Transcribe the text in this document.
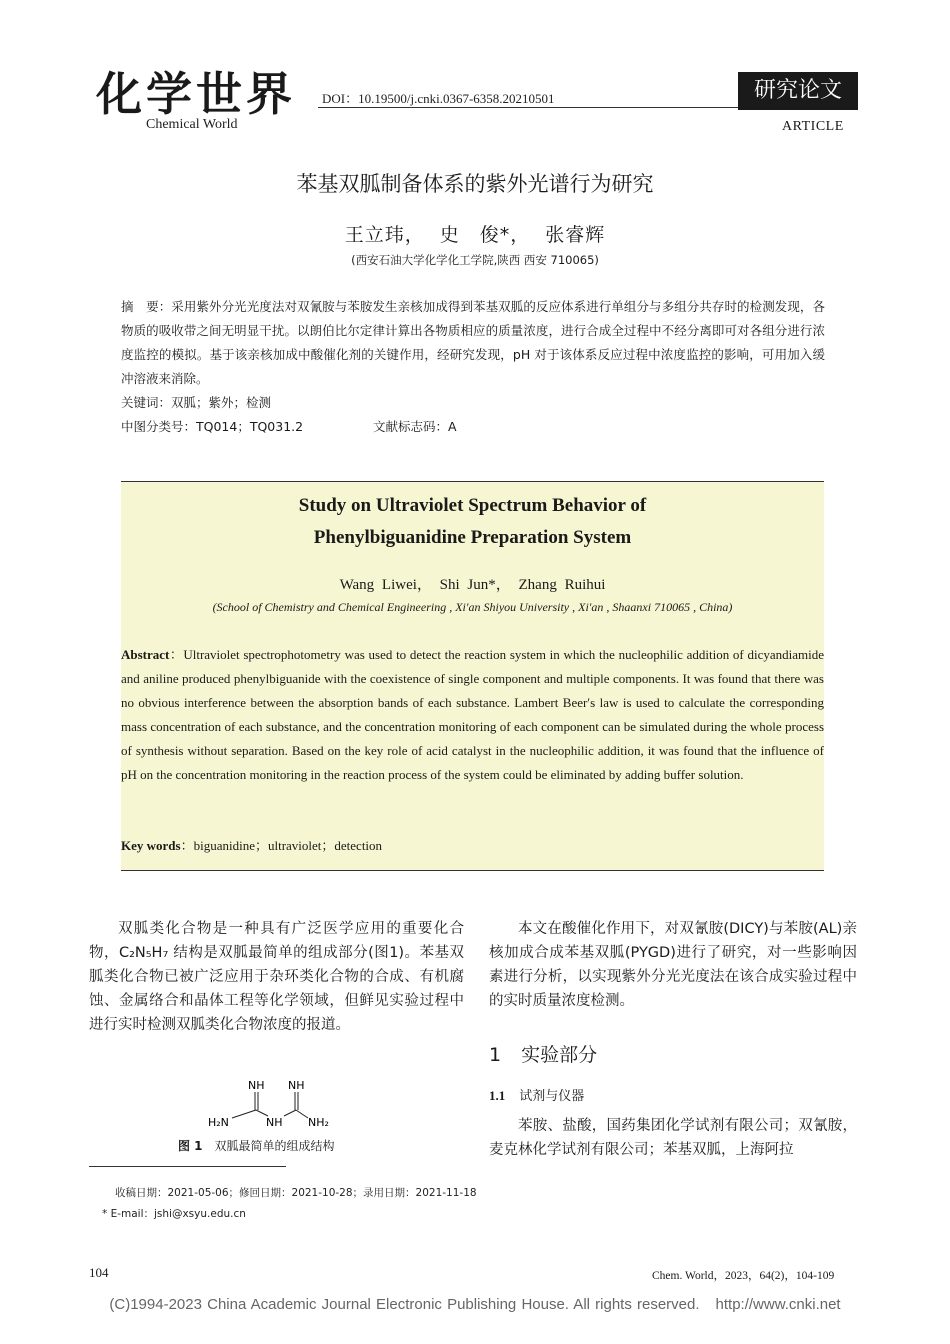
化学世界
Chemical World
DOI：10.19500/j.cnki.0367-6358.20210501	研究论文
ARTICLE
苯基双胍制备体系的紫外光谱行为研究
王立玮， 史　俊*， 张睿辉
(西安石油大学化学化工学院,陕西 西安 710065)

摘　要：采用紫外分光光度法对双氰胺与苯胺发生亲核加成得到苯基双胍的反应体系进行单组分与多组分共存时的检测发现，各物质的吸收带之间无明显干扰。以朗伯比尔定律计算出各物质相应的质量浓度，进行合成全过程中不经分离即可对各组分进行浓度监控的模拟。基于该亲核加成中酸催化剂的关键作用，经研究发现，pH 对于该体系反应过程中浓度监控的影响，可用加入缓冲溶液来消除。

关键词：双胍；紫外；检测

中图分类号：TQ014；TQ031.2	文献标志码：A

Study on Ultraviolet Spectrum Behavior of
Phenylbiguanidine Preparation System
Wang Liwei， Shi Jun*， Zhang Ruihui
(School of Chemistry and Chemical Engineering , Xi′an Shiyou University , Xi′an , Shaanxi 710065 , China)
Abstract：Ultraviolet spectrophotometry was used to detect the reaction system in which the nucleophilic addition of dicyandiamide and aniline produced phenylbiguanide with the coexistence of single component and multiple components. It was found that there was no obvious interference between the absorption bands of each substance. Lambert Beer′s law is used to calculate the corresponding mass concentration of each substance, and the concentration monitoring of each component can be simulated during the whole process of synthesis without separation. Based on the key role of acid catalyst in the nucleophilic addition, it was found that the influence of pH on the concentration monitoring in the reaction process of the system could be eliminated by adding buffer solution.
Key words：biguanidine；ultraviolet；detection

双胍类化合物是一种具有广泛医学应用的重要化合物，C₂N₅H₇ 结构是双胍最简单的组成部分(图1)。苯基双胍类化合物已被广泛应用于杂环类化合物的合成、有机腐蚀、金属络合和晶体工程等化学领域，但鲜见实验过程中进行实时检测双胍类化合物浓度的报道。

NH NH
H₂N	NH NH₂
图 1 双胍最简单的组成结构

本文在酸催化作用下，对双氰胺(DICY)与苯胺(AL)亲核加成合成苯基双胍(PYGD)进行了研究，对一些影响因素进行分析，以实现紫外分光光度法在该合成实验过程中的实时质量浓度检测。

1 实验部分
1.1 试剂与仪器

苯胺、盐酸，国药集团化学试剂有限公司；双氰胺，麦克林化学试剂有限公司；苯基双胍，上海阿拉

收稿日期：2021-05-06；修回日期：2021-10-28；录用日期：2021-11-18
* E-mail：jshi@xsyu.edu.cn
104	Chem. World，2023，64(2)，104-109
(C)1994-2023 China Academic Journal Electronic Publishing House. All rights reserved. http://www.cnki.net
